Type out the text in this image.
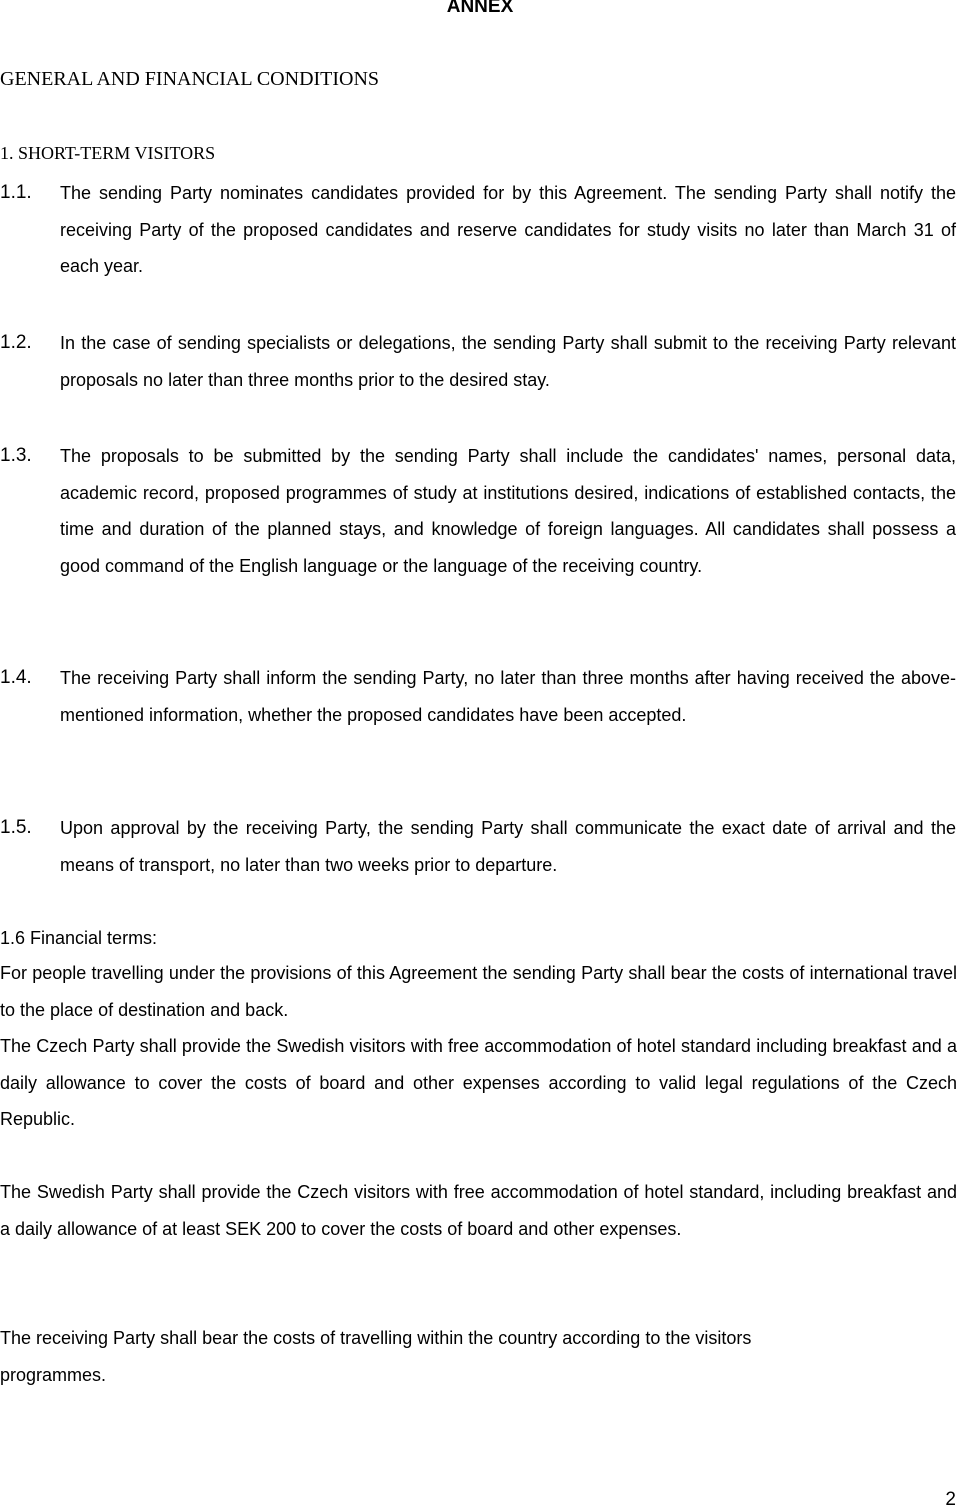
ANNEX
GENERAL AND FINANCIAL CONDITIONS
1. SHORT-TERM VISITORS
1.1. The sending Party nominates candidates provided for by this Agreement. The sending Party shall notify the receiving Party of the proposed candidates and reserve candidates for study visits no later than March 31 of each year.
1.2. In the case of sending specialists or delegations, the sending Party shall submit to the receiving Party relevant proposals no later than three months prior to the desired stay.
1.3. The proposals to be submitted by the sending Party shall include the candidates' names, personal data, academic record, proposed programmes of study at institutions desired, indications of established contacts, the time and duration of the planned stays, and knowledge of foreign languages. All candidates shall possess a good command of the English language or the language of the receiving country.
1.4. The receiving Party shall inform the sending Party, no later than three months after having received the above-mentioned information, whether the proposed candidates have been accepted.
1.5. Upon approval by the receiving Party, the sending Party shall communicate the exact date of arrival and the means of transport, no later than two weeks prior to departure.
1.6 Financial terms:
For people travelling under the provisions of this Agreement the sending Party shall bear the costs of international travel to the place of destination and back.
The Czech Party shall provide the Swedish visitors with free accommodation of hotel standard including breakfast and a daily allowance to cover the costs of board and other expenses according to valid legal regulations of the Czech Republic.
The Swedish Party shall provide the Czech visitors with free accommodation of hotel standard, including breakfast and a daily allowance of at least SEK 200 to cover the costs of board and other expenses.
The receiving Party shall bear the costs of travelling within the country according to the visitors programmes.
2
